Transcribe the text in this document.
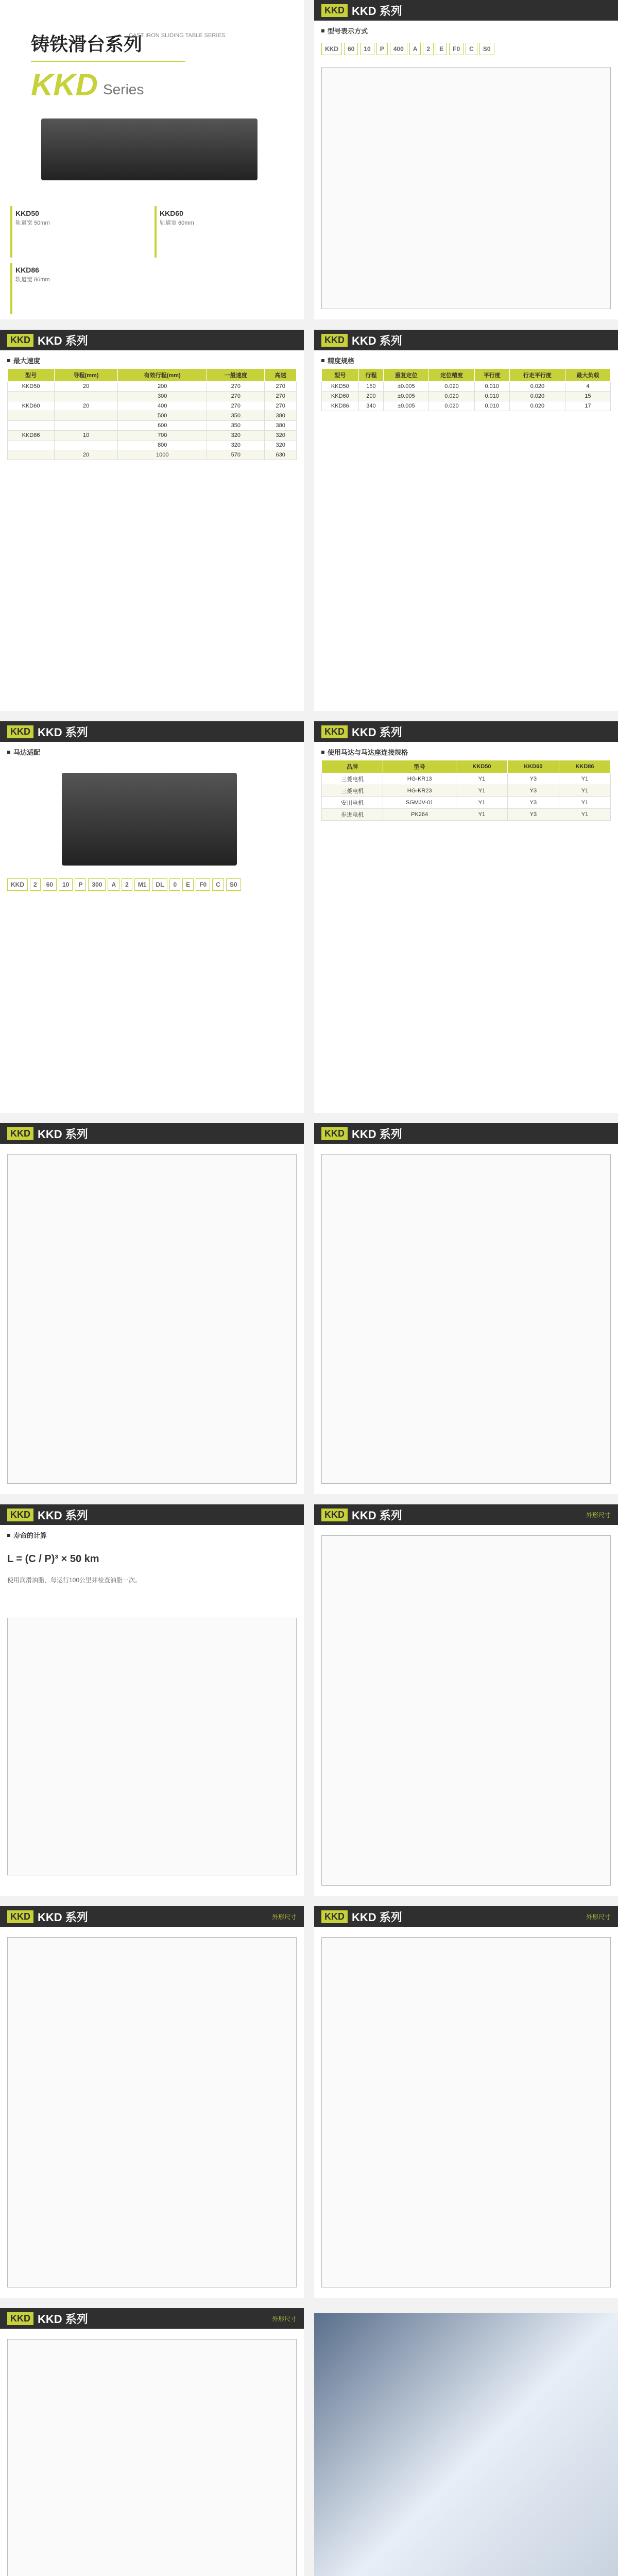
铸铁滑台系列
CAST IRON SLIDING TABLE SERIES
KKD Series
KKD50
轨道宽 50mm
KKD60
轨道宽 60mm
KKD86
轨道宽 86mm
KKD KKD 系列
型号表示方式
KKD	60	10	P	400	A	2	E	F0	C	S0
KKD KKD 系列
最大速度
型号	导程(mm)	有效行程(mm)	一般速度	高速
KKD50	20	200	270	270
		300	270	270
KKD60	20	400	270	270
		500	350	380
		600	350	380
KKD86	10	700	320	320
		800	320	320
	20	1000	570	630
KKD KKD 系列
精度规格
型号	行程	重复定位	定位精度	平行度	行走平行度	最大负载
KKD50	150	±0.005	0.020	0.010	0.020	4
KKD60	200	±0.005	0.020	0.010	0.020	15
KKD86	340	±0.005	0.020	0.010	0.020	17
KKD KKD 系列
马达适配
KKD	2	60	10	P	300	A	2	M1	DL	0	E	F0	C	S0
KKD KKD 系列
使用马达与马达座连接规格
品牌	型号	KKD50	KKD60	KKD86
三菱电机	HG-KR13	Y1	Y3	Y1
三菱电机	HG-KR23	Y1	Y3	Y1
安川电机	SGMJV-01	Y1	Y3	Y1
步进电机	PK264	Y1	Y3	Y1
KKD KKD 系列	KKD KKD 系列
KKD KKD 系列
寿命的计算
L = (C / P)³ × 50 km
使用润滑油脂，每运行100公里并检查油脂一次。
KKD KKD 系列	外形尺寸
KKD KKD 系列	外形尺寸	KKD KKD 系列	外形尺寸
KKD KKD 系列	外形尺寸
